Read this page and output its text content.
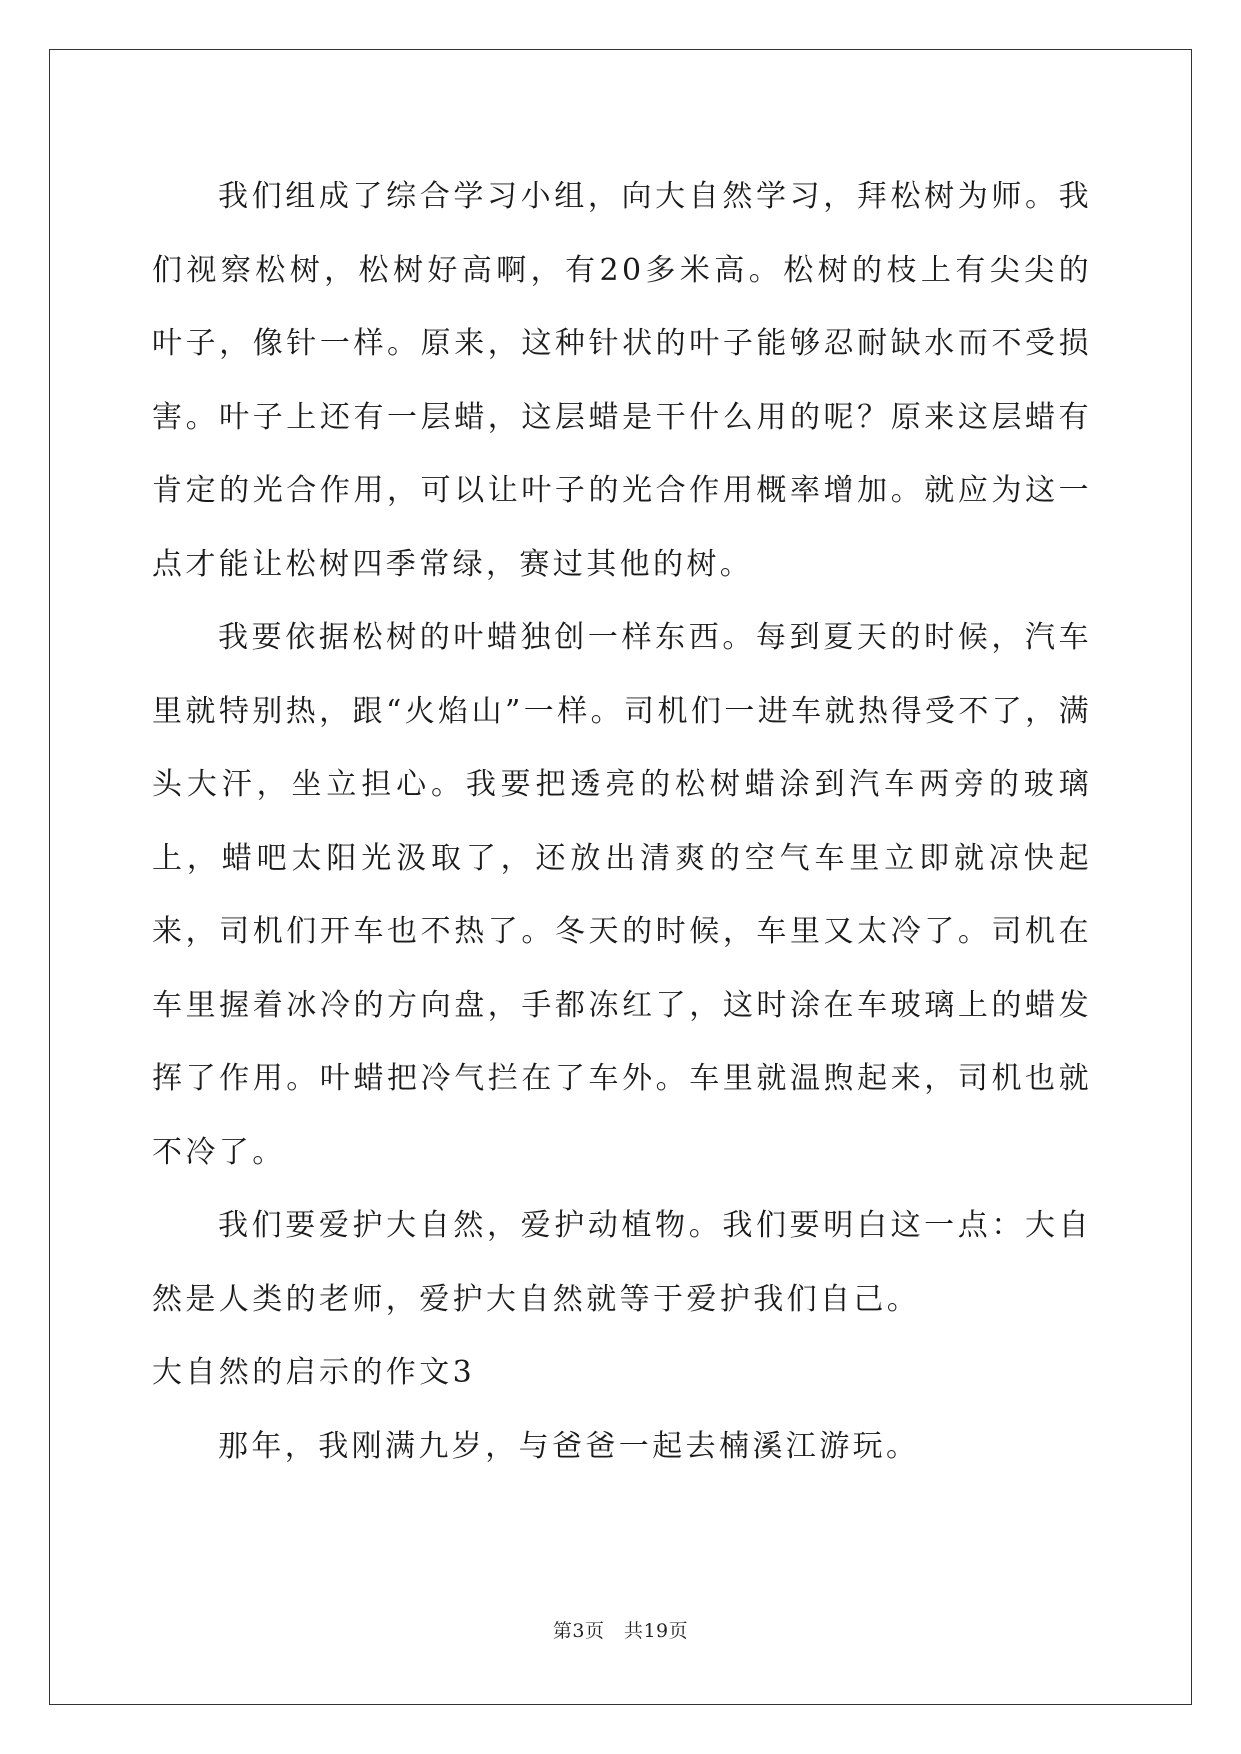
我们组成了综合学习小组，向大自然学习，拜松树为师。我们视察松树，松树好高啊，有20多米高。松树的枝上有尖尖的叶子，像针一样。原来，这种针状的叶子能够忍耐缺水而不受损害。叶子上还有一层蜡，这层蜡是干什么用的呢？原来这层蜡有肯定的光合作用，可以让叶子的光合作用概率增加。就应为这一点才能让松树四季常绿，赛过其他的树。

我要依据松树的叶蜡独创一样东西。每到夏天的时候，汽车里就特别热，跟“火焰山”一样。司机们一进车就热得受不了，满头大汗，坐立担心。我要把透亮的松树蜡涂到汽车两旁的玻璃上，蜡吧太阳光汲取了，还放出清爽的空气车里立即就凉快起来，司机们开车也不热了。冬天的时候，车里又太冷了。司机在车里握着冰冷的方向盘，手都冻红了，这时涂在车玻璃上的蜡发挥了作用。叶蜡把冷气拦在了车外。车里就温煦起来，司机也就不冷了。

我们要爱护大自然，爱护动植物。我们要明白这一点：大自然是人类的老师，爱护大自然就等于爱护我们自己。

大自然的启示的作文3

那年，我刚满九岁，与爸爸一起去楠溪江游玩。

第3页　共19页
